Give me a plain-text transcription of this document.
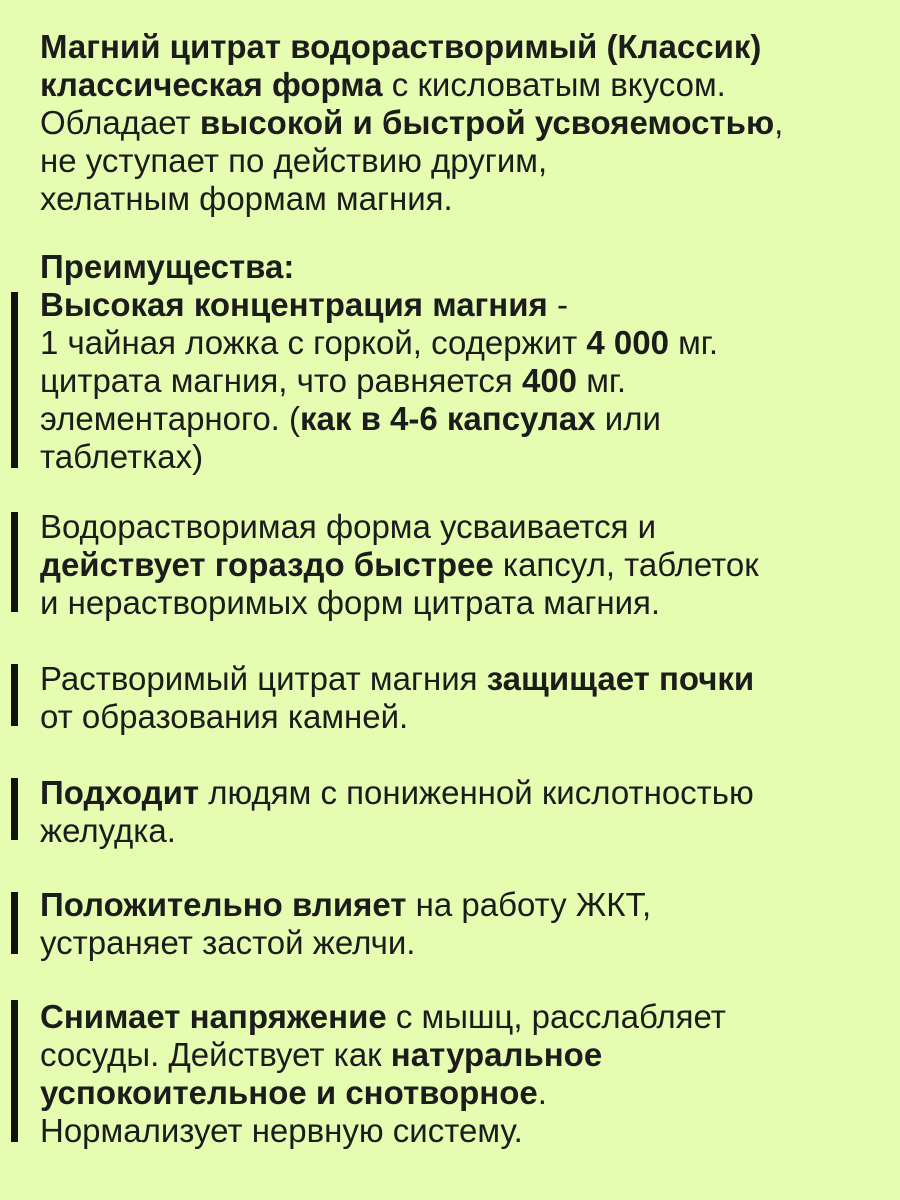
Магний цитрат водорастворимый (Классик)
классическая форма с кисловатым вкусом.
Обладает высокой и быстрой усвояемостью,
не уступает по действию другим,
хелатным формам магния.
Преимущества:
Высокая концентрация магния -
1 чайная ложка с горкой, содержит 4 000 мг.
цитрата магния, что равняется 400 мг.
элементарного. (как в 4-6 капсулах или
таблетках)
Водорастворимая форма усваивается и
действует гораздо быстрее капсул, таблеток
и нерастворимых форм цитрата магния.
Растворимый цитрат магния защищает почки
от образования камней.
Подходит людям с пониженной кислотностью
желудка.
Положительно влияет на работу ЖКТ,
устраняет застой желчи.
Снимает напряжение с мышц, расслабляет
сосуды. Действует как натуральное
успокоительное и снотворное.
Нормализует нервную систему.
